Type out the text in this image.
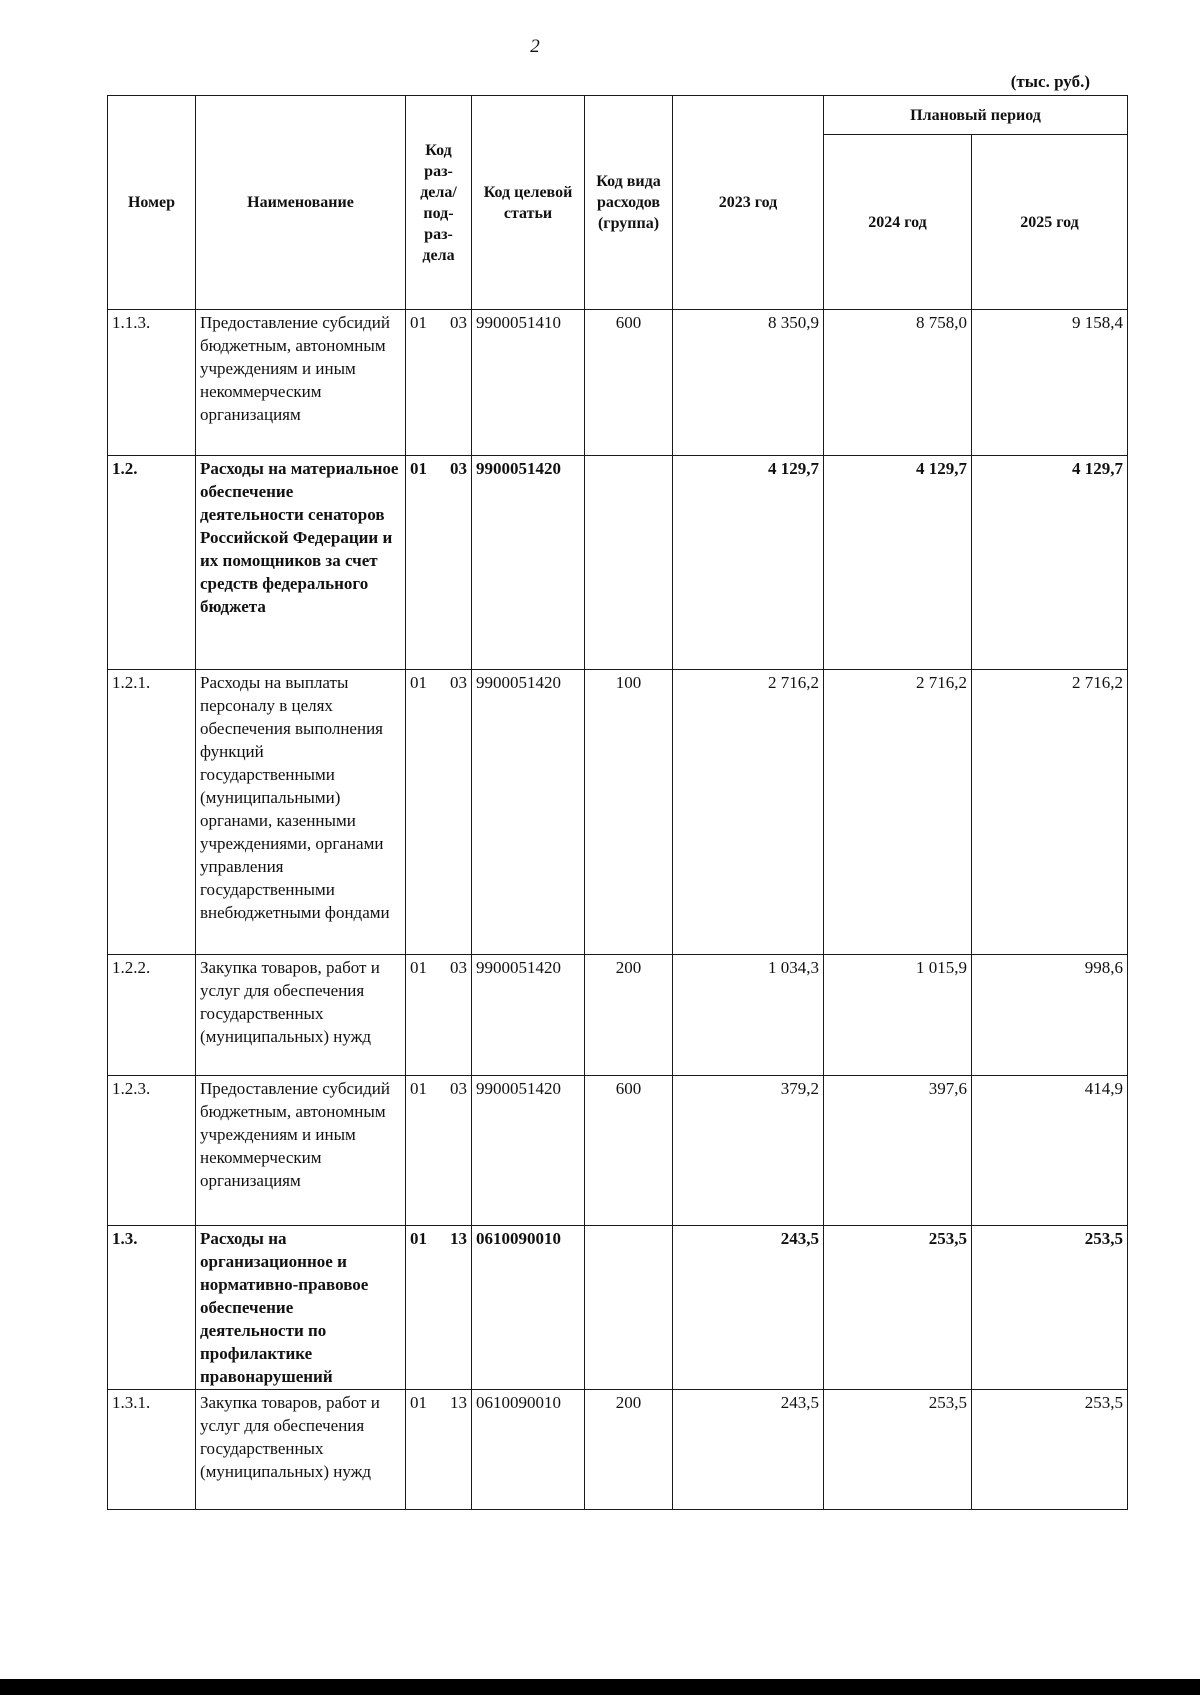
2
(тыс. руб.)
Номер	Наименование	Код раз-дела/ под-раз-дела	Код целевой статьи	Код вида расходов (группа)	2023 год	Плановый период	
						2024 год	2025 год
1.1.3.	Предоставление субсидий бюджетным, автономным учреждениям и иным некоммерческим организациям	01 03	9900051410	600	8 350,9	8 758,0	9 158,4
1.2.	Расходы на материальное обеспечение деятельности сенаторов Российской Федерации и их помощников за счет средств федерального бюджета	01 03	9900051420		4 129,7	4 129,7	4 129,7
1.2.1.	Расходы на выплаты персоналу в целях обеспечения выполнения функций государственными (муниципальными) органами, казенными учреждениями, органами управления государственными внебюджетными фондами	01 03	9900051420	100	2 716,2	2 716,2	2 716,2
1.2.2.	Закупка товаров, работ и услуг для обеспечения государственных (муниципальных) нужд	01 03	9900051420	200	1 034,3	1 015,9	998,6
1.2.3.	Предоставление субсидий бюджетным, автономным учреждениям и иным некоммерческим организациям	01 03	9900051420	600	379,2	397,6	414,9
1.3.	Расходы на организационное и нормативно-правовое обеспечение деятельности по профилактике правонарушений	01 13	0610090010		243,5	253,5	253,5
1.3.1.	Закупка товаров, работ и услуг для обеспечения государственных (муниципальных) нужд	01 13	0610090010	200	243,5	253,5	253,5
